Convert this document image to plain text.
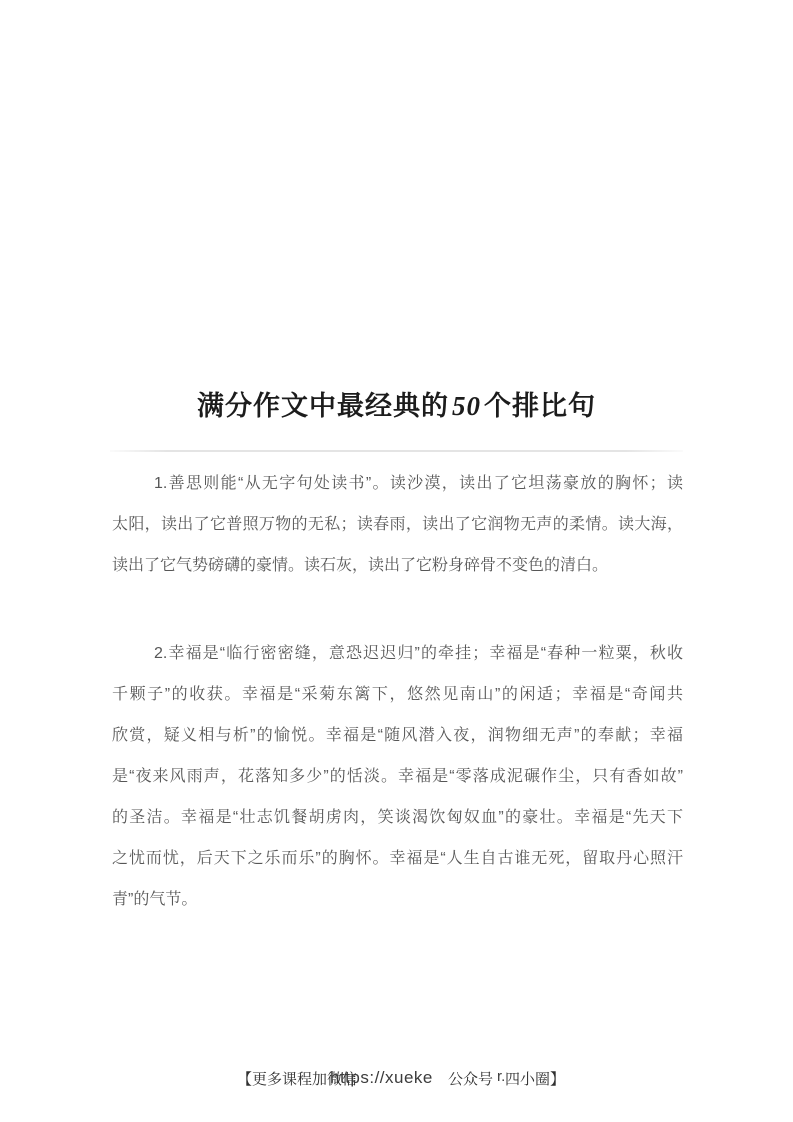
满分作文中最经典的 50 个排比句
1.善思则能“从无字句处读书”。读沙漠，读出了它坦荡豪放的胸怀；读
太阳，读出了它普照万物的无私；读春雨，读出了它润物无声的柔情。读大海，
读出了它气势磅礴的豪情。读石灰，读出了它粉身碎骨不变色的清白。
2.幸福是“临行密密缝，意恐迟迟归”的牵挂；幸福是“春种一粒粟，秋收
千颗子”的收获。幸福是“采菊东篱下，悠然见南山”的闲适；幸福是“奇闻共
欣赏，疑义相与析”的愉悦。幸福是“随风潜入夜，润物细无声”的奉献；幸福
是“夜来风雨声，花落知多少”的恬淡。幸福是“零落成泥碾作尘，只有香如故”
的圣洁。幸福是“壮志饥餐胡虏肉，笑谈渴饮匈奴血”的豪壮。幸福是“先天下
之忧而忧，后天下之乐而乐”的胸怀。幸福是“人生自古谁无死，留取丹心照汗
青”的气节。
【更多课程加微信
https://xueke 公众号 r. 四小圈】
